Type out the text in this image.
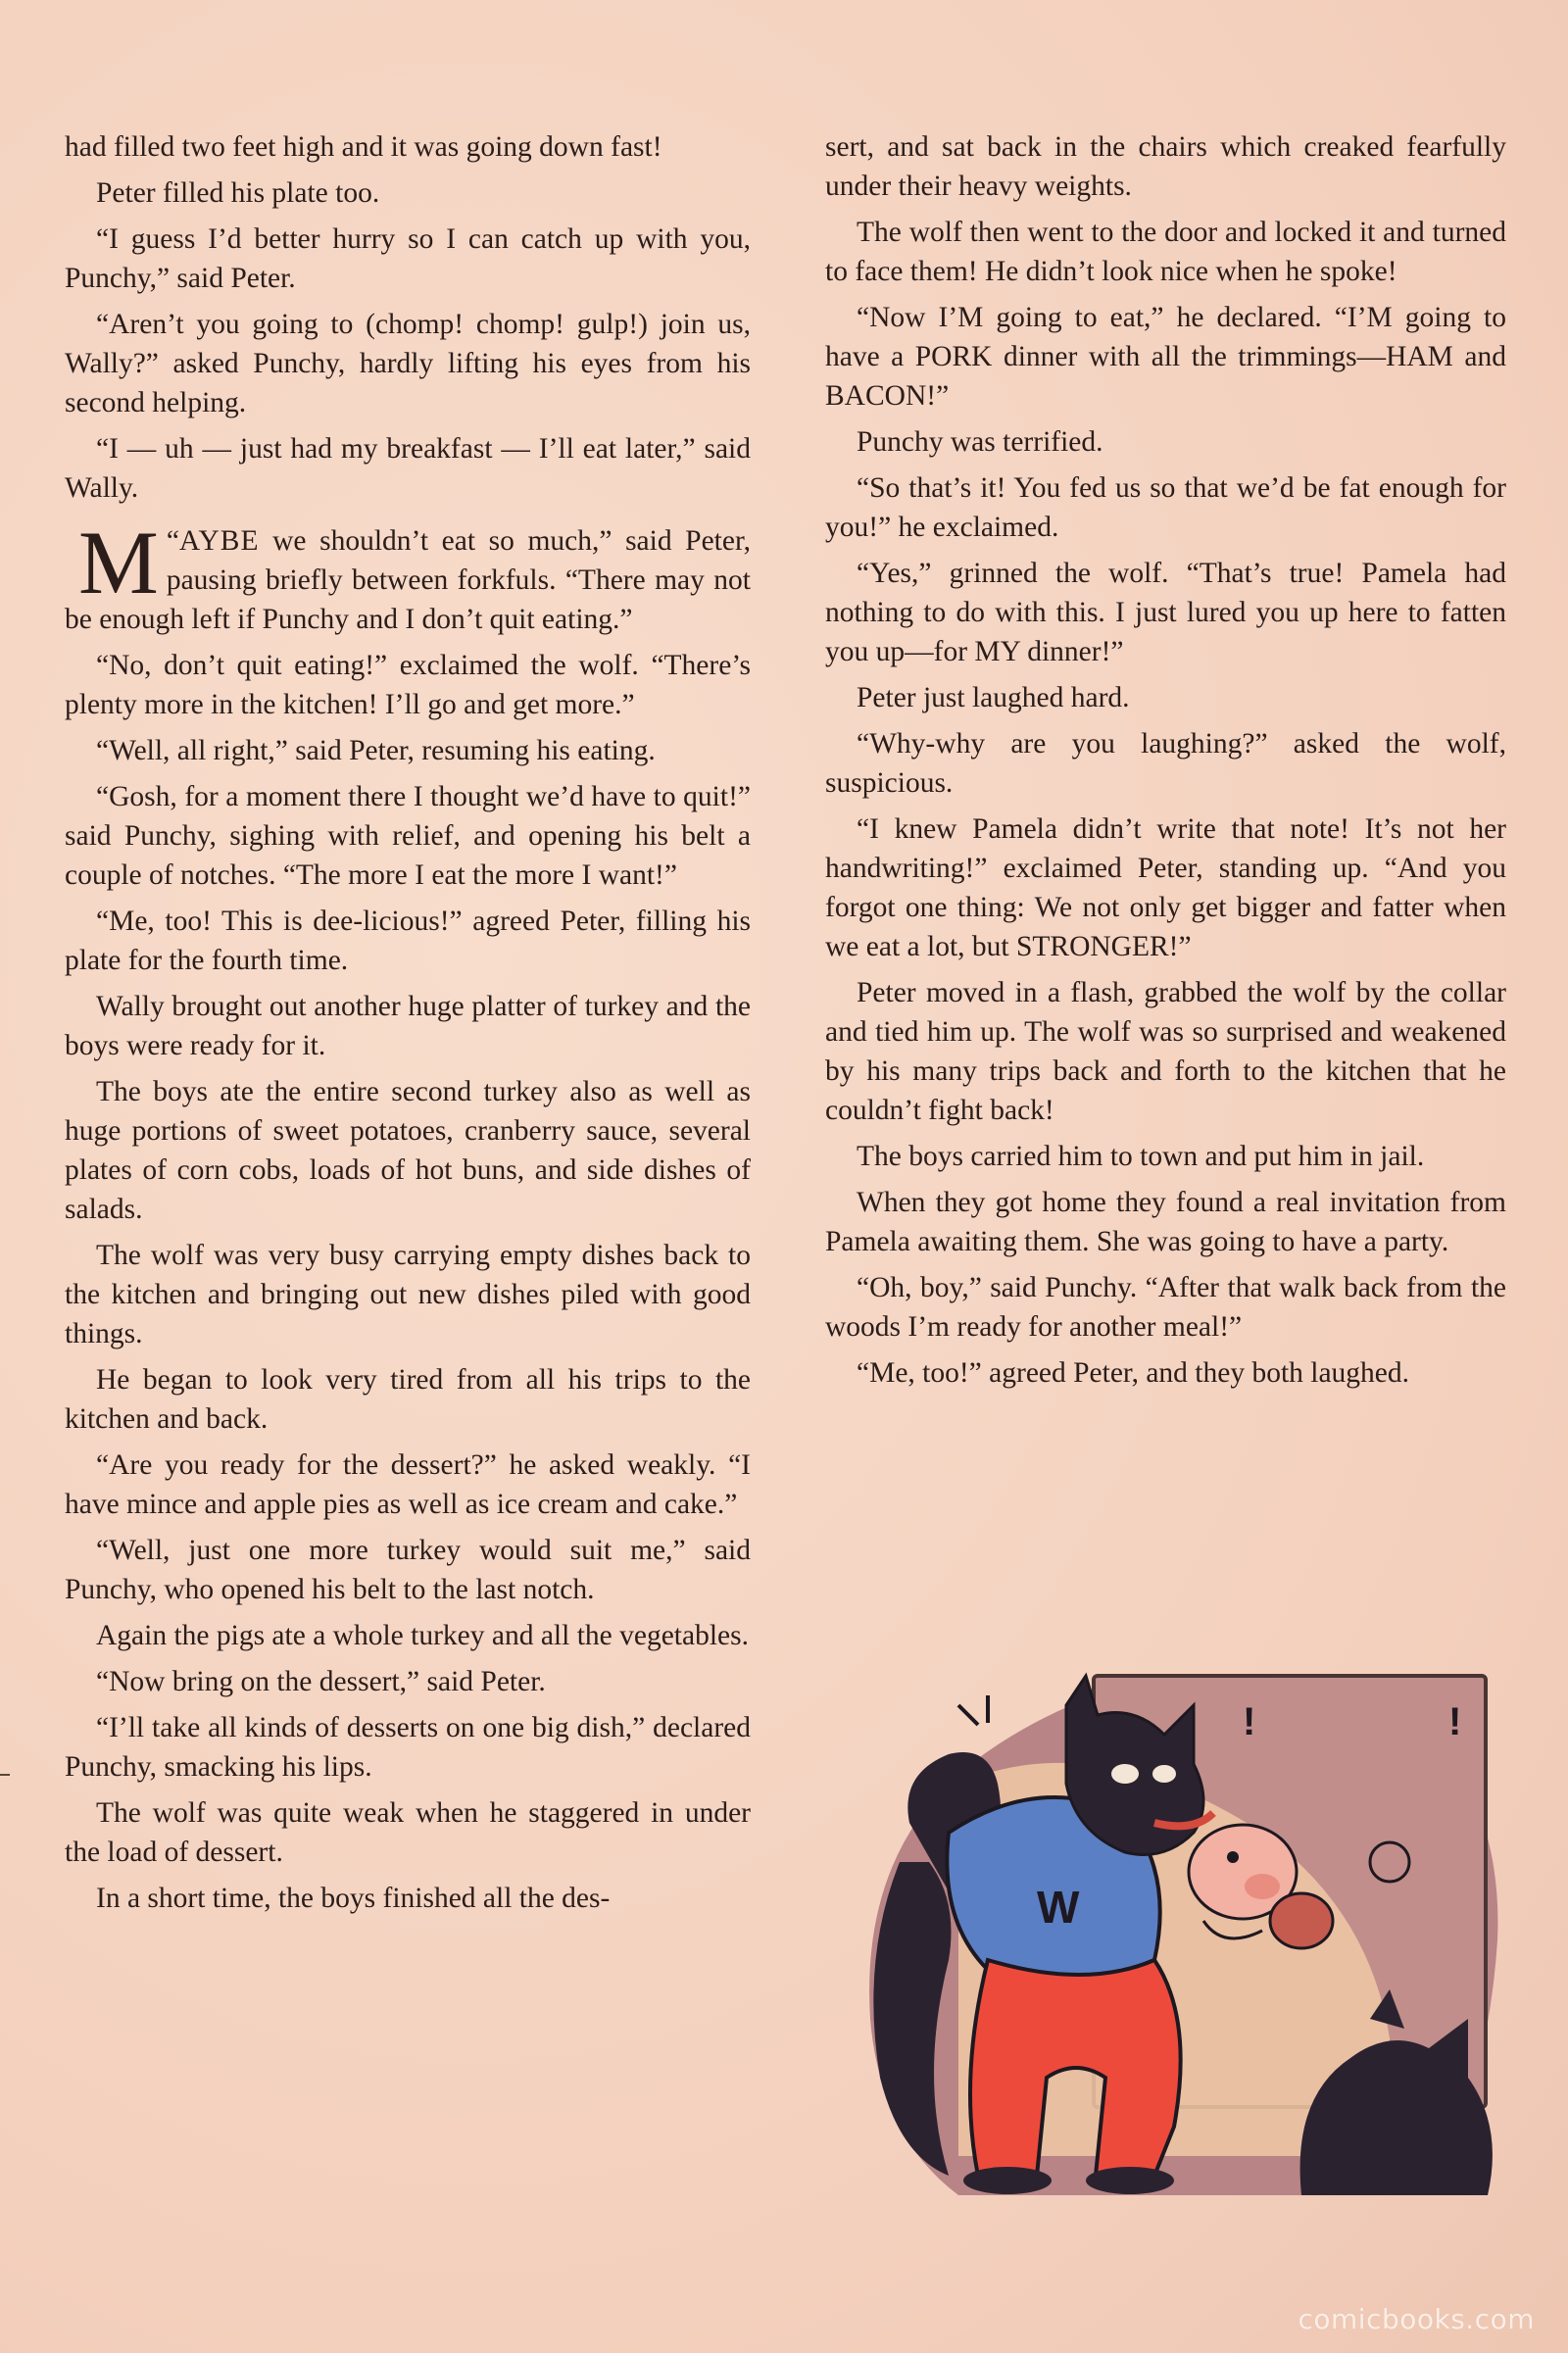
had filled two feet high and it was going down fast!

Peter filled his plate too.

“I guess I’d better hurry so I can catch up with you, Punchy,” said Peter.

“Aren’t you going to (chomp! chomp! gulp!) join us, Wally?” asked Punchy, hardly lifting his eyes from his second helping.

“I — uh — just had my breakfast — I’ll eat later,” said Wally.

“
M AYBE we shouldn’t eat so much,” said Peter, pausing briefly between forkfuls. “There may not be enough left if Punchy and I don’t quit eating.”

“No, don’t quit eating!” exclaimed the wolf. “There’s plenty more in the kitchen! I’ll go and get more.”

“Well, all right,” said Peter, resuming his eating.

“Gosh, for a moment there I thought we’d have to quit!” said Punchy, sighing with relief, and opening his belt a couple of notches. “The more I eat the more I want!”

“Me, too! This is dee-licious!” agreed Peter, filling his plate for the fourth time.

Wally brought out another huge platter of turkey and the boys were ready for it.

The boys ate the entire second turkey also as well as huge portions of sweet potatoes, cranberry sauce, several plates of corn cobs, loads of hot buns, and side dishes of salads.

The wolf was very busy carrying empty dishes back to the kitchen and bringing out new dishes piled with good things.

He began to look very tired from all his trips to the kitchen and back.

“Are you ready for the dessert?” he asked weakly. “I have mince and apple pies as well as ice cream and cake.”

“Well, just one more turkey would suit me,” said Punchy, who opened his belt to the last notch.

Again the pigs ate a whole turkey and all the vegetables.

“Now bring on the dessert,” said Peter.

“I’ll take all kinds of desserts on one big dish,” declared Punchy, smacking his lips.

The wolf was quite weak when he staggered in under the load of dessert.

In a short time, the boys finished all the des-

sert, and sat back in the chairs which creaked fearfully under their heavy weights.

The wolf then went to the door and locked it and turned to face them! He didn’t look nice when he spoke!

“Now I’M going to eat,” he declared. “I’M going to have a PORK dinner with all the trimmings—HAM and BACON!”

Punchy was terrified.

“So that’s it! You fed us so that we’d be fat enough for you!” he exclaimed.

“Yes,” grinned the wolf. “That’s true! Pamela had nothing to do with this. I just lured you up here to fatten you up—for MY dinner!”

Peter just laughed hard.

“Why-why are you laughing?” asked the wolf, suspicious.

“I knew Pamela didn’t write that note! It’s not her handwriting!” exclaimed Peter, standing up. “And you forgot one thing: We not only get bigger and fatter when we eat a lot, but STRONGER!”

Peter moved in a flash, grabbed the wolf by the collar and tied him up. The wolf was so surprised and weakened by his many trips back and forth to the kitchen that he couldn’t fight back!

The boys carried him to town and put him in jail.

When they got home they found a real invitation from Pamela awaiting them. She was going to have a party.

“Oh, boy,” said Punchy. “After that walk back from the woods I’m ready for another meal!”

“Me, too!” agreed Peter, and they both laughed.

W
!	!
comicbooks.com
